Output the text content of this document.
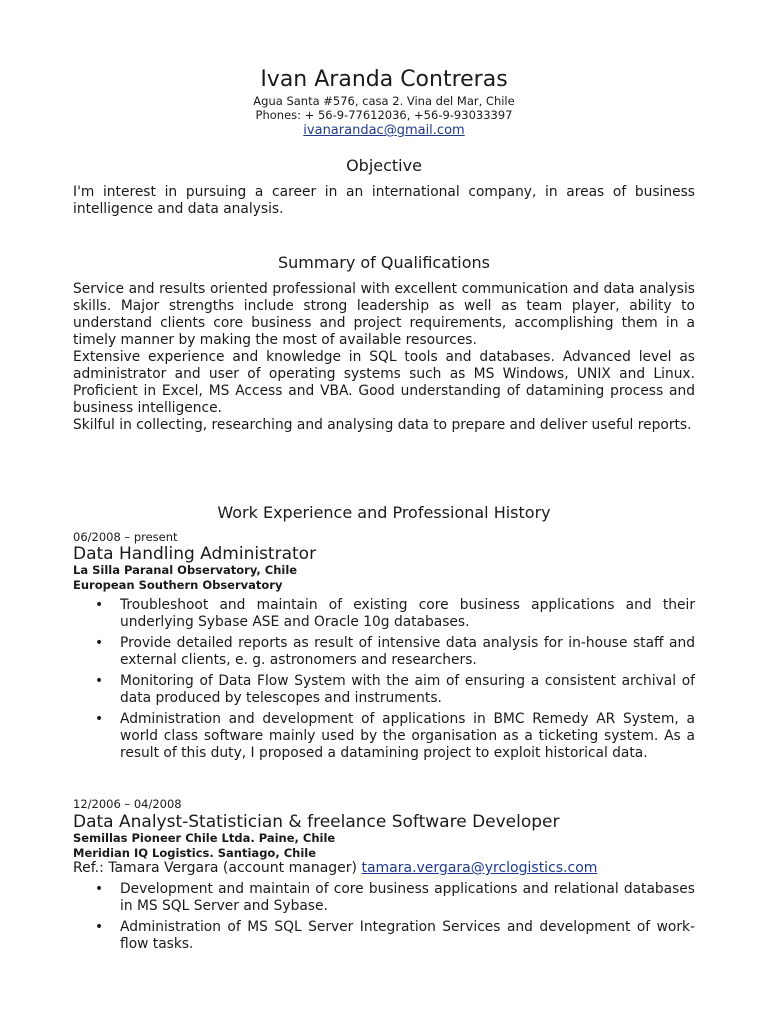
Ivan Aranda Contreras
Agua Santa #576, casa 2. Vina del Mar, Chile
Phones: + 56-9-77612036, +56-9-93033397
ivanarandac@gmail.com
Objective

I'm interest in pursuing a career in an international company, in areas of business intelligence and data analysis.

Summary of Qualifications

Service and results oriented professional with excellent communication and data analysis skills. Major strengths include strong leadership as well as team player, ability to understand clients core business and project requirements, accomplishing them in a timely manner by making the most of available resources.

Extensive experience and knowledge in SQL tools and databases. Advanced level as administrator and user of operating systems such as MS Windows, UNIX and Linux. Proficient in Excel, MS Access and VBA. Good understanding of datamining process and business intelligence.

Skilful in collecting, researching and analysing data to prepare and deliver useful reports.

Work Experience and Professional History
06/2008 – present
Data Handling Administrator
La Silla Paranal Observatory, Chile
European Southern Observatory
• Troubleshoot and maintain of existing core business applications and their underlying Sybase ASE and Oracle 10g databases.
• Provide detailed reports as result of intensive data analysis for in-house staff and external clients, e. g. astronomers and researchers.
• Monitoring of Data Flow System with the aim of ensuring a consistent archival of data produced by telescopes and instruments.
• Administration and development of applications in BMC Remedy AR System, a world class software mainly used by the organisation as a ticketing system. As a result of this duty, I proposed a datamining project to exploit historical data.
12/2006 – 04/2008
Data Analyst-Statistician & freelance Software Developer
Semillas Pioneer Chile Ltda. Paine, Chile
Meridian IQ Logistics. Santiago, Chile
Ref.: Tamara Vergara (account manager) tamara.vergara@yrclogistics.com
• Development and maintain of core business applications and relational databases in MS SQL Server and Sybase.
• Administration of MS SQL Server Integration Services and development of work-flow tasks.
